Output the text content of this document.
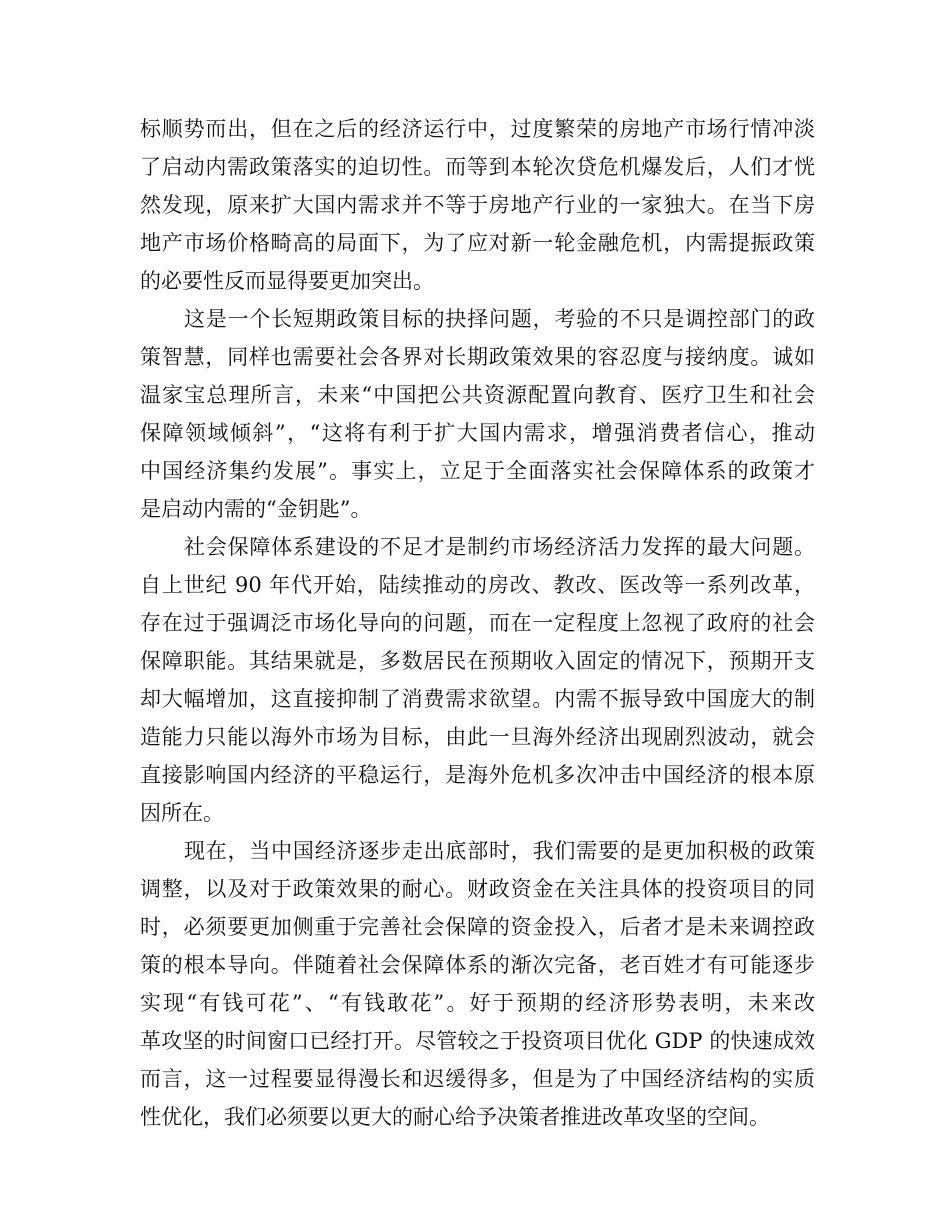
标顺势而出，但在之后的经济运行中，过度繁荣的房地产市场行情冲淡
了启动内需政策落实的迫切性。而等到本轮次贷危机爆发后，人们才恍
然发现，原来扩大国内需求并不等于房地产行业的一家独大。在当下房
地产市场价格畸高的局面下，为了应对新一轮金融危机，内需提振政策
的必要性反而显得要更加突出。
这是一个长短期政策目标的抉择问题，考验的不只是调控部门的政
策智慧，同样也需要社会各界对长期政策效果的容忍度与接纳度。诚如
温家宝总理所言，未来“中国把公共资源配置向教育、医疗卫生和社会
保障领域倾斜”，“这将有利于扩大国内需求，增强消费者信心，推动
中国经济集约发展”。事实上，立足于全面落实社会保障体系的政策才
是启动内需的“金钥匙”。
社会保障体系建设的不足才是制约市场经济活力发挥的最大问题。
自上世纪 90 年代开始，陆续推动的房改、教改、医改等一系列改革，
存在过于强调泛市场化导向的问题，而在一定程度上忽视了政府的社会
保障职能。其结果就是，多数居民在预期收入固定的情况下，预期开支
却大幅增加，这直接抑制了消费需求欲望。内需不振导致中国庞大的制
造能力只能以海外市场为目标，由此一旦海外经济出现剧烈波动，就会
直接影响国内经济的平稳运行，是海外危机多次冲击中国经济的根本原
因所在。
现在，当中国经济逐步走出底部时，我们需要的是更加积极的政策
调整，以及对于政策效果的耐心。财政资金在关注具体的投资项目的同
时，必须要更加侧重于完善社会保障的资金投入，后者才是未来调控政
策的根本导向。伴随着社会保障体系的渐次完备，老百姓才有可能逐步
实现“有钱可花”、“有钱敢花”。好于预期的经济形势表明，未来改
革攻坚的时间窗口已经打开。尽管较之于投资项目优化 GDP 的快速成效
而言，这一过程要显得漫长和迟缓得多，但是为了中国经济结构的实质
性优化，我们必须要以更大的耐心给予决策者推进改革攻坚的空间。
